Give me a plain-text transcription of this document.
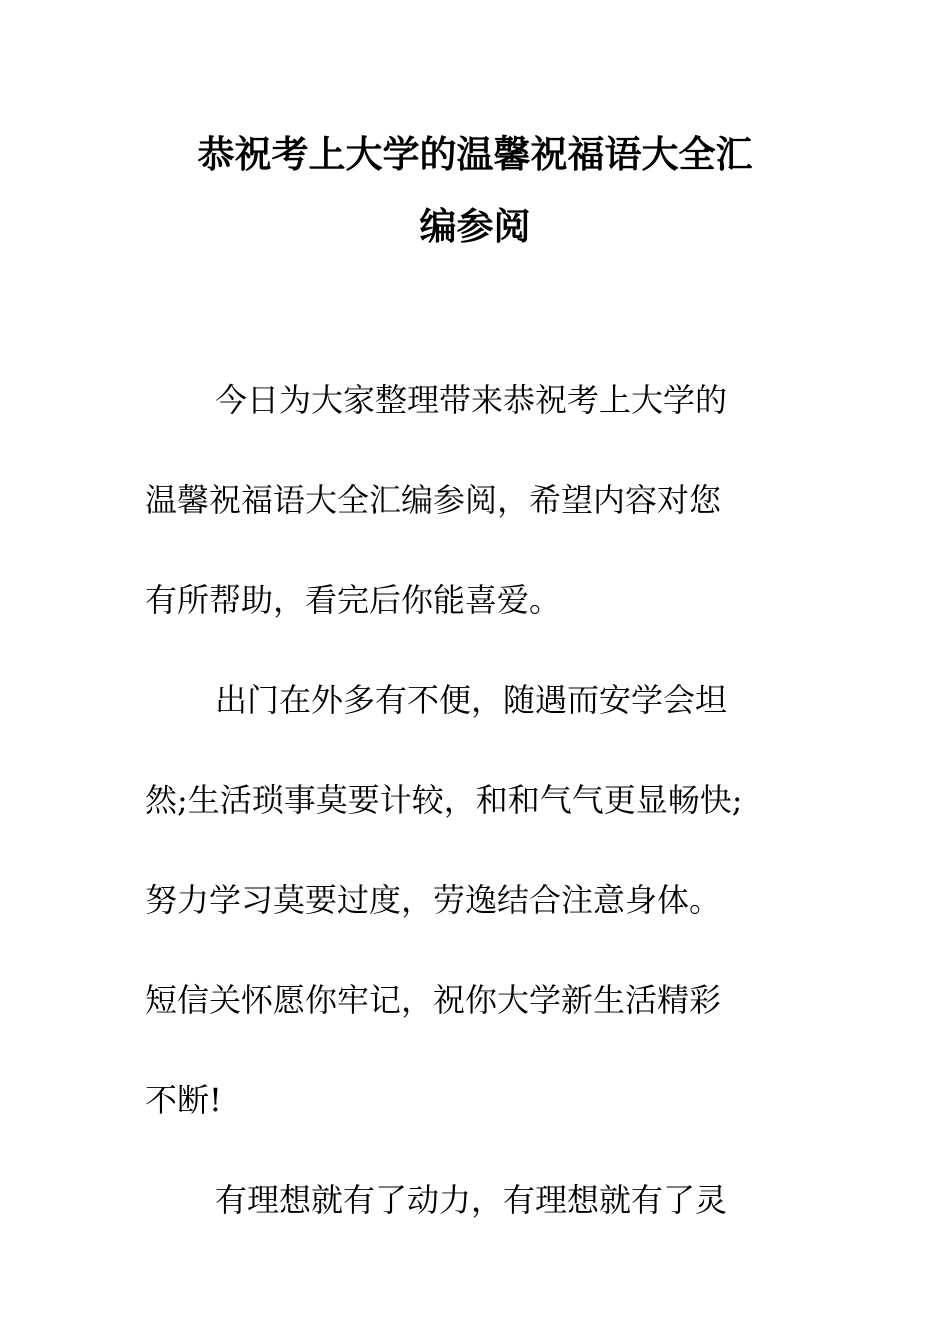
恭祝考上大学的温馨祝福语大全汇
编参阅

今日为大家整理带来恭祝考上大学的

温馨祝福语大全汇编参阅，希望内容对您

有所帮助，看完后你能喜爱。

出门在外多有不便，随遇而安学会坦

然;生活琐事莫要计较，和和气气更显畅快;

努力学习莫要过度，劳逸结合注意身体。

短信关怀愿你牢记，祝你大学新生活精彩

不断!

有理想就有了动力，有理想就有了灵
